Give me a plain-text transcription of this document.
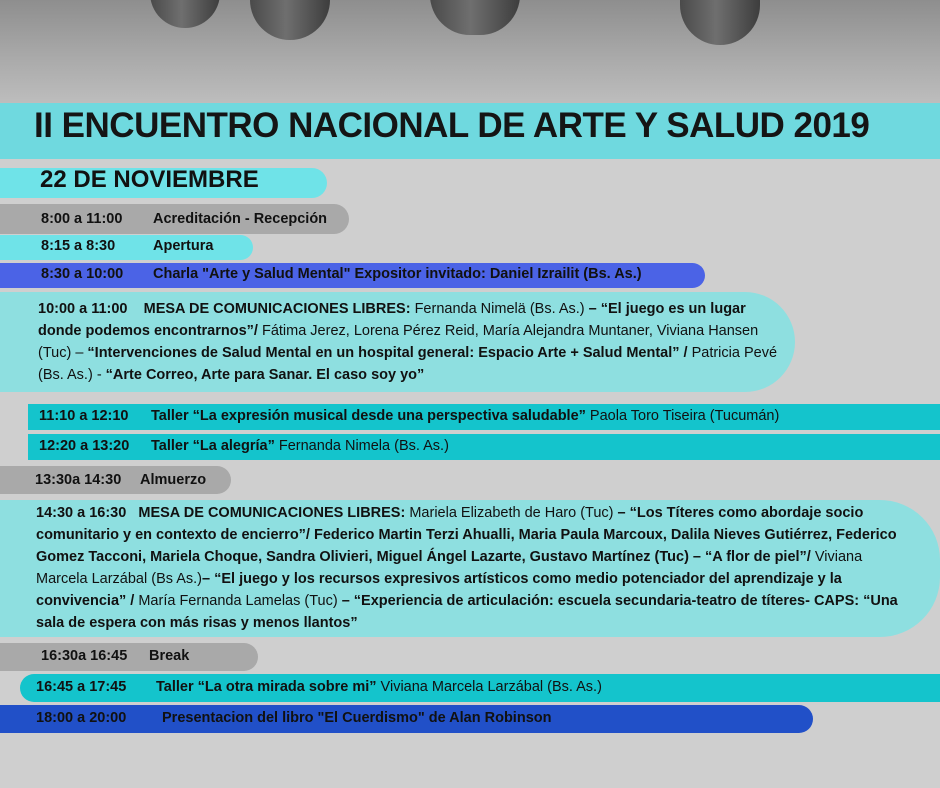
II ENCUENTRO NACIONAL DE ARTE Y SALUD 2019
22 DE NOVIEMBRE
8:00 a 11:00 Acreditación - Recepción
8:15 a 8:30	Apertura
8:30 a 10:00 Charla "Arte y Salud Mental" Expositor invitado: Daniel Izrailit (Bs. As.)
10:00 a 11:00 MESA DE COMUNICACIONES LIBRES: Fernanda Nimelä (Bs. As.) – “El juego es un lugar donde podemos encontrarnos”/ Fátima Jerez, Lorena Pérez Reid, María Alejandra Muntaner, Viviana Hansen (Tuc) – “Intervenciones de Salud Mental en un hospital general: Espacio Arte + Salud Mental” / Patricia Pevé (Bs. As.) - “Arte Correo, Arte para Sanar. El caso soy yo”
11:10 a 12:10 Taller “La expresión musical desde una perspectiva saludable” Paola Toro Tiseira (Tucumán)
12:20 a 13:20 Taller “La alegría” Fernanda Nimela (Bs. As.)
13:30a 14:30 Almuerzo
14:30 a 16:30 MESA DE COMUNICACIONES LIBRES: Mariela Elizabeth de Haro (Tuc) – “Los Títeres como abordaje socio comunitario y en contexto de encierro”/ Federico Martin Terzi Ahualli, Maria Paula Marcoux, Dalila Nieves Gutiérrez, Federico Gomez Tacconi, Mariela Choque, Sandra Olivieri, Miguel Ángel Lazarte, Gustavo Martínez (Tuc) – “A flor de piel”/ Viviana Marcela Larzábal (Bs As.)– “El juego y los recursos expresivos artísticos como medio potenciador del aprendizaje y la convivencia” / María Fernanda Lamelas (Tuc) – “Experiencia de articulación: escuela secundaria-teatro de títeres- CAPS: “Una sala de espera con más risas y menos llantos”
16:30a 16:45 Break
16:45 a 17:45 Taller “La otra mirada sobre mi” Viviana Marcela Larzábal (Bs. As.)
18:00 a 20:00 Presentacion del libro "El Cuerdismo" de Alan Robinson
